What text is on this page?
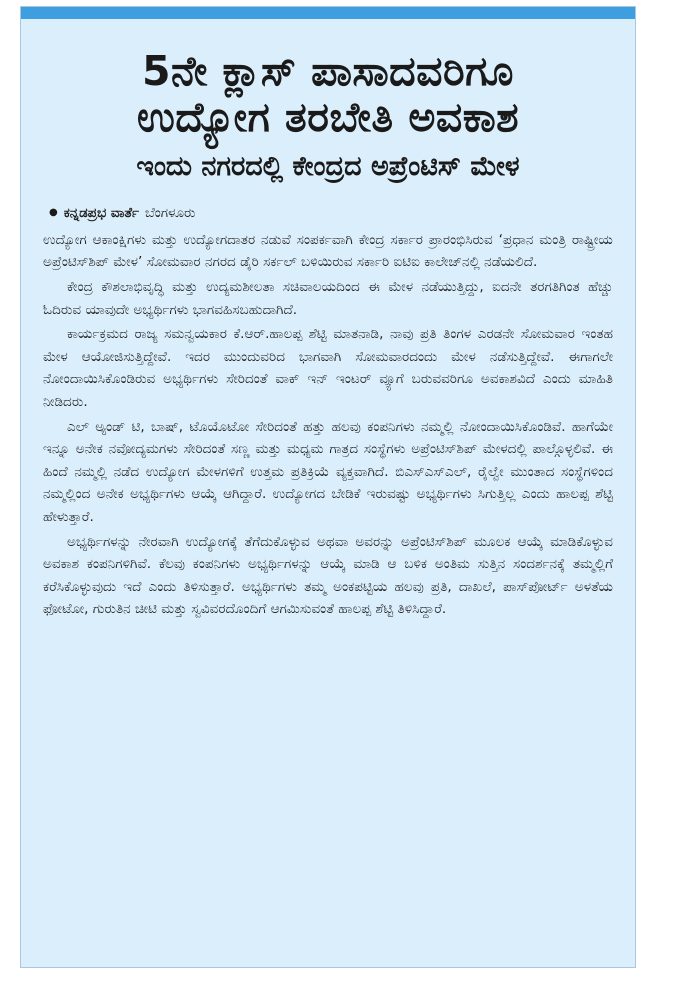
5ನೇ ಕ್ಲಾಸ್ ಪಾಸಾದವರಿಗೂ
ಉದ್ಯೋಗ ತರಬೇತಿ ಅವಕಾಶ
ಇಂದು ನಗರದಲ್ಲಿ ಕೇಂದ್ರದ ಅಪ್ರೆಂಟಿಸ್ ಮೇಳ
● ಕನ್ನಡಪ್ರಭ ವಾರ್ತೆ ಬೆಂಗಳೂರು

ಉದ್ಯೋಗ ಆಕಾಂಕ್ಷಿಗಳು ಮತ್ತು ಉದ್ಯೋಗದಾತರ ನಡುವೆ ಸಂಪರ್ಕವಾಗಿ ಕೇಂದ್ರ ಸರ್ಕಾರ ಪ್ರಾರಂಭಿಸಿರುವ ‘ಪ್ರಧಾನ ಮಂತ್ರಿ ರಾಷ್ಟ್ರೀಯ ಅಪ್ರೆಂಟಿಸ್‌ಶಿಪ್ ಮೇಳ’ ಸೋಮವಾರ ನಗರದ ಡೈರಿ ಸರ್ಕಲ್ ಬಳಿಯಿರುವ ಸರ್ಕಾರಿ ಐಟಿಐ ಕಾಲೇಜ್‌ನಲ್ಲಿ ನಡೆಯಲಿದೆ.

ಕೇಂದ್ರ ಕೌಶಲಾಭಿವೃದ್ಧಿ ಮತ್ತು ಉದ್ಯಮಶೀಲತಾ ಸಚಿವಾಲಯದಿಂದ ಈ ಮೇಳ ನಡೆಯುತ್ತಿದ್ದು, ಐದನೇ ತರಗತಿಗಿಂತ ಹೆಚ್ಚು ಓದಿರುವ ಯಾವುದೇ ಅಭ್ಯರ್ಥಿಗಳು ಭಾಗವಹಿಸಬಹುದಾಗಿದೆ.

ಕಾರ್ಯಕ್ರಮದ ರಾಜ್ಯ ಸಮನ್ವಯಕಾರ ಕೆ.ಆರ್.ಹಾಲಪ್ಪ ಶೆಟ್ಟಿ ಮಾತನಾಡಿ, ನಾವು ಪ್ರತಿ ತಿಂಗಳ ಎರಡನೇ ಸೋಮವಾರ ಇಂತಹ ಮೇಳ ಆಯೋಜಿಸುತ್ತಿದ್ದೇವೆ. ಇದರ ಮುಂದುವರಿದ ಭಾಗವಾಗಿ ಸೋಮವಾರದಂದು ಮೇಳ ನಡೆಸುತ್ತಿದ್ದೇವೆ. ಈಗಾಗಲೇ ನೋಂದಾಯಿಸಿಕೊಂಡಿರುವ ಅಭ್ಯರ್ಥಿಗಳು ಸೇರಿದಂತೆ ವಾಕ್ ಇನ್ ಇಂಟರ್ ವ್ಯೂಗೆ ಬರುವವರಿಗೂ ಅವಕಾಶವಿದೆ ಎಂದು ಮಾಹಿತಿ ನೀಡಿದರು.

ಎಲ್ ಅ್ಯಂಡ್ ಟಿ, ಬಾಷ್, ಟೊಯೊಟೋ ಸೇರಿದಂತೆ ಹತ್ತು ಹಲವು ಕಂಪನಿಗಳು ನಮ್ಮಲ್ಲಿ ನೋಂದಾಯಿಸಿಕೊಂಡಿವೆ. ಹಾಗೆಯೇ ಇನ್ನೂ ಅನೇಕ ನವೋದ್ಯಮಗಳು ಸೇರಿದಂತೆ ಸಣ್ಣ ಮತ್ತು ಮಧ್ಯಮ ಗಾತ್ರದ ಸಂಸ್ಥೆಗಳು ಅಪ್ರೆಂಟಿಸ್‌ಶಿಪ್ ಮೇಳದಲ್ಲಿ ಪಾಲ್ಗೊಳ್ಳಲಿವೆ. ಈ ಹಿಂದೆ ನಮ್ಮಲ್ಲಿ ನಡೆದ ಉದ್ಯೋಗ ಮೇಳಗಳಿಗೆ ಉತ್ತಮ ಪ್ರತಿಕ್ರಿಯೆ ವ್ಯಕ್ತವಾಗಿದೆ. ಬಿಎಸ್‌ಎಸ್‌ಎಲ್, ರೈಲ್ವೇ ಮುಂತಾದ ಸಂಸ್ಥೆಗಳಿಂದ ನಮ್ಮಲ್ಲಿಂದ ಅನೇಕ ಅಭ್ಯರ್ಥಿಗಳು ಆಯ್ಕೆ ಆಗಿದ್ದಾರೆ. ಉದ್ಯೋಗದ ಬೇಡಿಕೆ ಇರುವಷ್ಟು ಅಭ್ಯರ್ಥಿಗಳು ಸಿಗುತ್ತಿಲ್ಲ ಎಂದು ಹಾಲಪ್ಪ ಶೆಟ್ಟಿ ಹೇಳುತ್ತಾರೆ.

ಅಭ್ಯರ್ಥಿಗಳನ್ನು ನೇರವಾಗಿ ಉದ್ಯೋಗಕ್ಕೆ ತೆಗೆದುಕೊಳ್ಳುವ ಅಥವಾ ಅವರನ್ನು ಅಪ್ರೆಂಟಿಸ್‌ಶಿಪ್ ಮೂಲಕ ಆಯ್ಕೆ ಮಾಡಿಕೊಳ್ಳುವ ಅವಕಾಶ ಕಂಪನಿಗಳಿಗಿವೆ. ಕೆಲವು ಕಂಪನಿಗಳು ಅಭ್ಯರ್ಥಿಗಳನ್ನು ಆಯ್ಕೆ ಮಾಡಿ ಆ ಬಳಿಕ ಅಂತಿಮ ಸುತ್ತಿನ ಸಂದರ್ಶನಕ್ಕೆ ತಮ್ಮಲ್ಲಿಗೆ ಕರೆಸಿಕೊಳ್ಳುವುದು ಇದೆ ಎಂದು ತಿಳಿಸುತ್ತಾರೆ. ಅಭ್ಯರ್ಥಿಗಳು ತಮ್ಮ ಅಂಕಪಟ್ಟಿಯ ಹಲವು ಪ್ರತಿ, ದಾಖಲೆ, ಪಾಸ್‌ಪೋರ್ಟ್ ಅಳತೆಯ ಫೋಟೋ, ಗುರುತಿನ ಚೀಟಿ ಮತ್ತು ಸ್ವವಿವರದೊಂದಿಗೆ ಆಗಮಿಸುವಂತೆ ಹಾಲಪ್ಪ ಶೆಟ್ಟಿ ತಿಳಿಸಿದ್ದಾರೆ.
